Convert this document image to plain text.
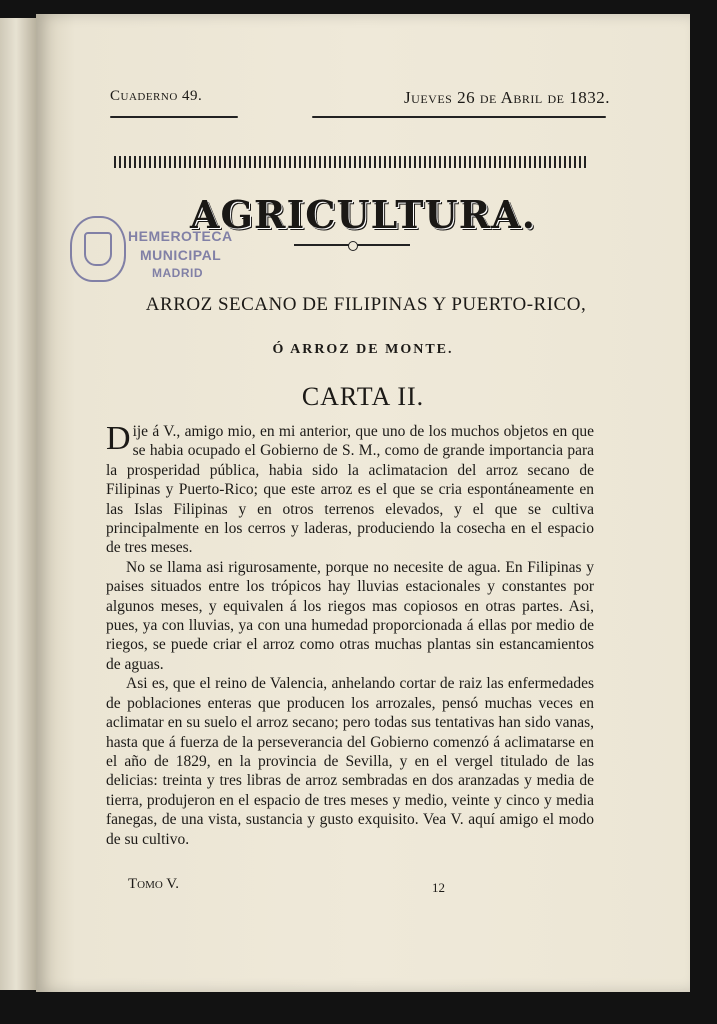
Cuaderno 49.	Jueves 26 de Abril de 1832.
AGRICULTURA.
HEMEROTECA
MUNICIPAL
MADRID
ARROZ SECANO DE FILIPINAS Y PUERTO-RICO,
Ó ARROZ DE MONTE.
CARTA II.

Dije á V., amigo mio, en mi anterior, que uno de los muchos objetos en que se habia ocupado el Gobierno de S. M., como de grande importancia para la prosperidad pública, habia sido la aclimatacion del arroz secano de Filipinas y Puerto-Rico; que este arroz es el que se cria espontáneamente en las Islas Filipinas y en otros terrenos elevados, y el que se cultiva principalmente en los cerros y laderas, produciendo la cosecha en el espacio de tres meses.

No se llama asi rigurosamente, porque no necesite de agua. En Filipinas y paises situados entre los trópicos hay lluvias estacionales y constantes por algunos meses, y equivalen á los riegos mas copiosos en otras partes. Asi, pues, ya con lluvias, ya con una humedad proporcionada á ellas por medio de riegos, se puede criar el arroz como otras muchas plantas sin estancamientos de aguas.

Asi es, que el reino de Valencia, anhelando cortar de raiz las enfermedades de poblaciones enteras que producen los arrozales, pensó muchas veces en aclimatar en su suelo el arroz secano; pero todas sus tentativas han sido vanas, hasta que á fuerza de la perseverancia del Gobierno comenzó á aclimatarse en el año de 1829, en la provincia de Sevilla, y en el vergel titulado de las delicias: treinta y tres libras de arroz sembradas en dos aranzadas y media de tierra, produjeron en el espacio de tres meses y medio, veinte y cinco y media fanegas, de una vista, sustancia y gusto exquisito. Vea V. aquí amigo el modo de su cultivo.

Tomo V.	12
